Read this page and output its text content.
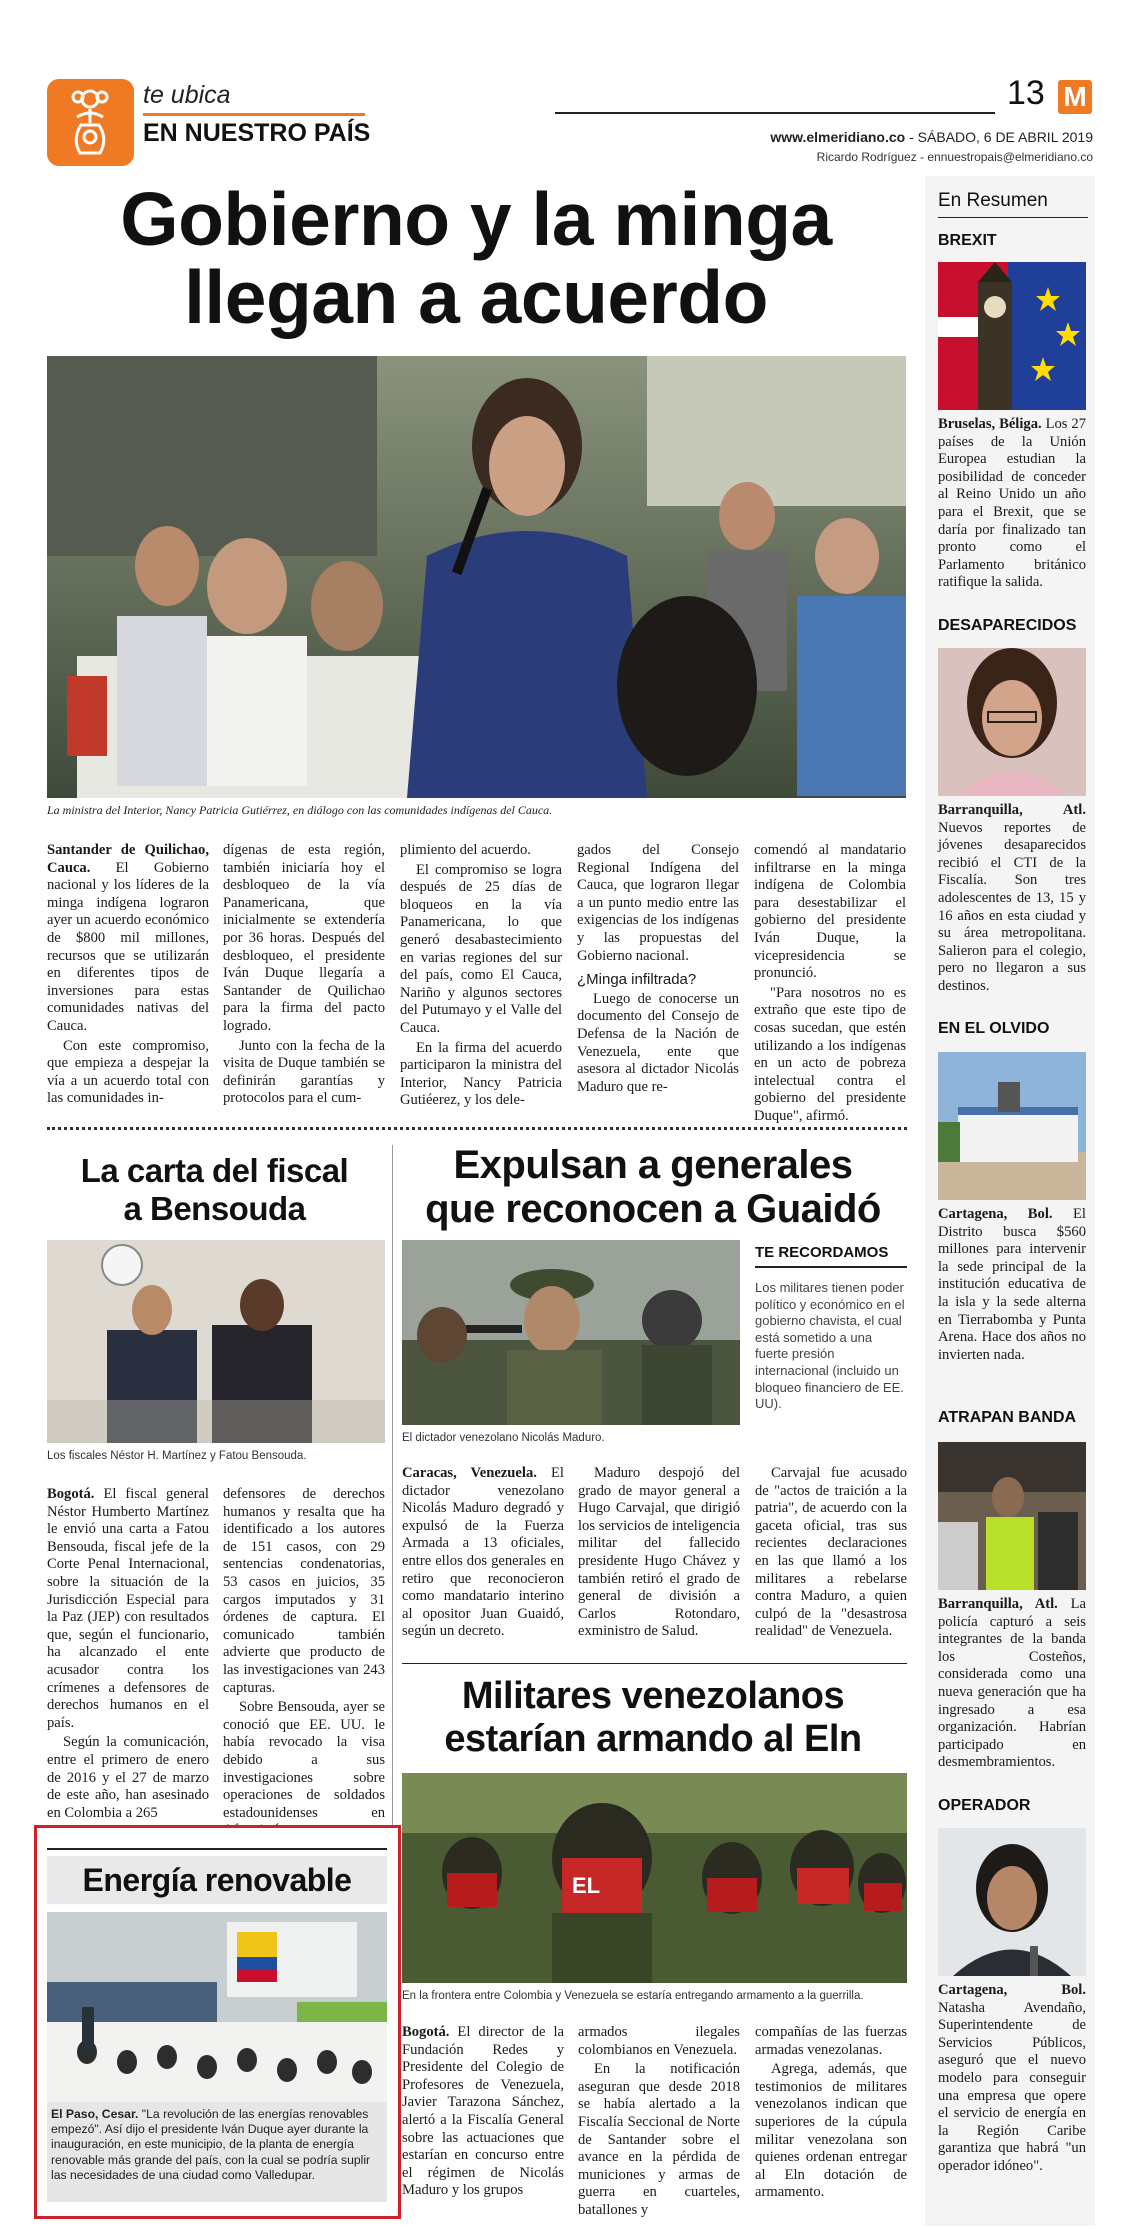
te ubica
EN NUESTRO PAÍS
13 M
www.elmeridiano.co - SÁBADO, 6 DE ABRIL 2019
Ricardo Rodríguez - ennuestropais@elmeridiano.co
Gobierno y la minga
llegan a acuerdo
La ministra del Interior, Nancy Patricia Gutiérrez, en diálogo con las comunidades indígenas del Cauca.

Santander de Quilichao, Cauca. El Gobierno nacional y los líderes de la minga indígena lograron ayer un acuerdo económico de $800 mil millones, recursos que se utilizarán en diferentes tipos de inversiones para estas comunidades nativas del Cauca.

Con este compromiso, que empieza a despejar la vía a un acuerdo total con las comunidades in-

dígenas de esta región, también iniciaría hoy el desbloqueo de la vía Panamericana, que inicialmente se extendería por 36 horas. Después del desbloqueo, el presidente Iván Duque llegaría a Santander de Quilichao para la firma del pacto logrado.

Junto con la fecha de la visita de Duque también se definirán garantías y protocolos para el cum-

plimiento del acuerdo.

El compromiso se logra después de 25 días de bloqueos en la vía Panamericana, lo que generó desabastecimiento en varias regiones del sur del país, como El Cauca, Nariño y algunos sectores del Putumayo y el Valle del Cauca.

En la firma del acuerdo participaron la ministra del Interior, Nancy Patricia Gutiéerez, y los dele-

gados del Consejo Regional Indígena del Cauca, que lograron llegar a un punto medio entre las exigencias de los indígenas y las propuestas del Gobierno nacional.

¿Minga infiltrada?

Luego de conocerse un documento del Consejo de Defensa de la Nación de Venezuela, ente que asesora al dictador Nicolás Maduro que re-

comendó al mandatario infiltrarse en la minga indígena de Colombia para desestabilizar el gobierno del presidente Iván Duque, la vicepresidencia se pronunció.

"Para nosotros no es extraño que este tipo de cosas sucedan, que estén utilizando a los indígenas en un acto de pobreza intelectual contra el gobierno del presidente Duque", afirmó.

La carta del fiscal
a Bensouda
Los fiscales Néstor H. Martínez y Fatou Bensouda.

Bogotá. El fiscal general Néstor Humberto Martínez le envió una carta a Fatou Bensouda, fiscal jefe de la Corte Penal Internacional, sobre la situación de la Jurisdicción Especial para la Paz (JEP) con resultados que, según el funcionario, ha alcanzado el ente acusador contra los crímenes a defensores de derechos humanos en el país.

Según la comunicación, entre el primero de enero de 2016 y el 27 de marzo de este año, han asesinado en Colombia a 265

defensores de derechos humanos y resalta que ha identificado a los autores de 151 casos, con 29 sentencias condenatorias, 53 casos en juicios, 35 cargos imputados y 31 órdenes de captura. El comunicado también advierte que producto de las investigaciones van 243 capturas.

Sobre Bensouda, ayer se conoció que EE. UU. le había revocado la visa debido a sus investigaciones sobre operaciones de soldados estadounidenses en

Energía renovable
El Paso, Cesar. "La revolución de las energías renovables empezó". Así dijo el presidente Iván Duque ayer durante la inauguración, en este municipio, de la planta de energía renovable más grande del país, con la cual se podría suplir las necesidades de una ciudad como Valledupar.
Expulsan a generales
que reconocen a Guaidó
El dictador venezolano Nicolás Maduro.
TE RECORDAMOS
Los militares tienen poder político y económico en el gobierno chavista, el cual está sometido a una fuerte presión internacional (incluido un bloqueo financiero de EE. UU).

Caracas, Venezuela. El dictador venezolano Nicolás Maduro degradó y expulsó de la Fuerza Armada a 13 oficiales, entre ellos dos generales en retiro que reconocieron como mandatario interino al opositor Juan Guaidó, según un decreto.

Maduro despojó del grado de mayor general a Hugo Carvajal, que dirigió los servicios de inteligencia militar del fallecido presidente Hugo Chávez y también retiró el grado de general de división a Carlos Rotondaro, exministro de Salud.

Carvajal fue acusado de "actos de traición a la patria", de acuerdo con la gaceta oficial, tras sus recientes declaraciones en las que llamó a los militares a rebelarse contra Maduro, a quien culpó de la "desastrosa realidad" de Venezuela.

Militares venezolanos
estarían armando al Eln
EL
En la frontera entre Colombia y Venezuela se estaría entregando armamento a la guerrilla.

Bogotá. El director de la Fundación Redes y Presidente del Colegio de Profesores de Venezuela, Javier Tarazona Sánchez, alertó a la Fiscalía General sobre las actuaciones que estarían en concurso entre el régimen de Nicolás Maduro y los grupos

armados ilegales colombianos en Venezuela.

En la notificación aseguran que desde 2018 se había alertado a la Fiscalía Seccional de Norte de Santander sobre el avance en la pérdida de municiones y armas de guerra en cuarteles, batallones y

compañías de las fuerzas armadas venezolanas.

Agrega, además, que testimonios de militares venezolanos indican que superiores de la cúpula militar venezolana son quienes ordenan entregar al Eln dotación de armamento.

En Resumen
BREXIT
Bruselas, Béliga. Los 27 países de la Unión Europea estudian la posibilidad de conceder al Reino Unido un año para el Brexit, que se daría por finalizado tan pronto como el Parlamento británico ratifique la salida.
DESAPARECIDOS
Barranquilla, Atl. Nuevos reportes de jóvenes desaparecidos recibió el CTI de la Fiscalía. Son tres adolescentes de 13, 15 y 16 años en esta ciudad y su área metropolitana. Salieron para el colegio, pero no llegaron a sus destinos.
EN EL OLVIDO
Cartagena, Bol. El Distrito busca $560 millones para intervenir la sede principal de la institución educativa de la isla y la sede alterna en Tierrabomba y Punta Arena. Hace dos años no invierten nada.
ATRAPAN BANDA
Barranquilla, Atl. La policía capturó a seis integrantes de la banda los Costeños, considerada como una nueva generación que ha ingresado a esa organización. Habrían participado en desmembramientos.
OPERADOR
Cartagena, Bol. Natasha Avendaño, Superintendente de Servicios Públicos, aseguró que el nuevo modelo para conseguir una empresa que opere el servicio de energía en la Región Caribe garantiza que habrá "un operador idóneo".
